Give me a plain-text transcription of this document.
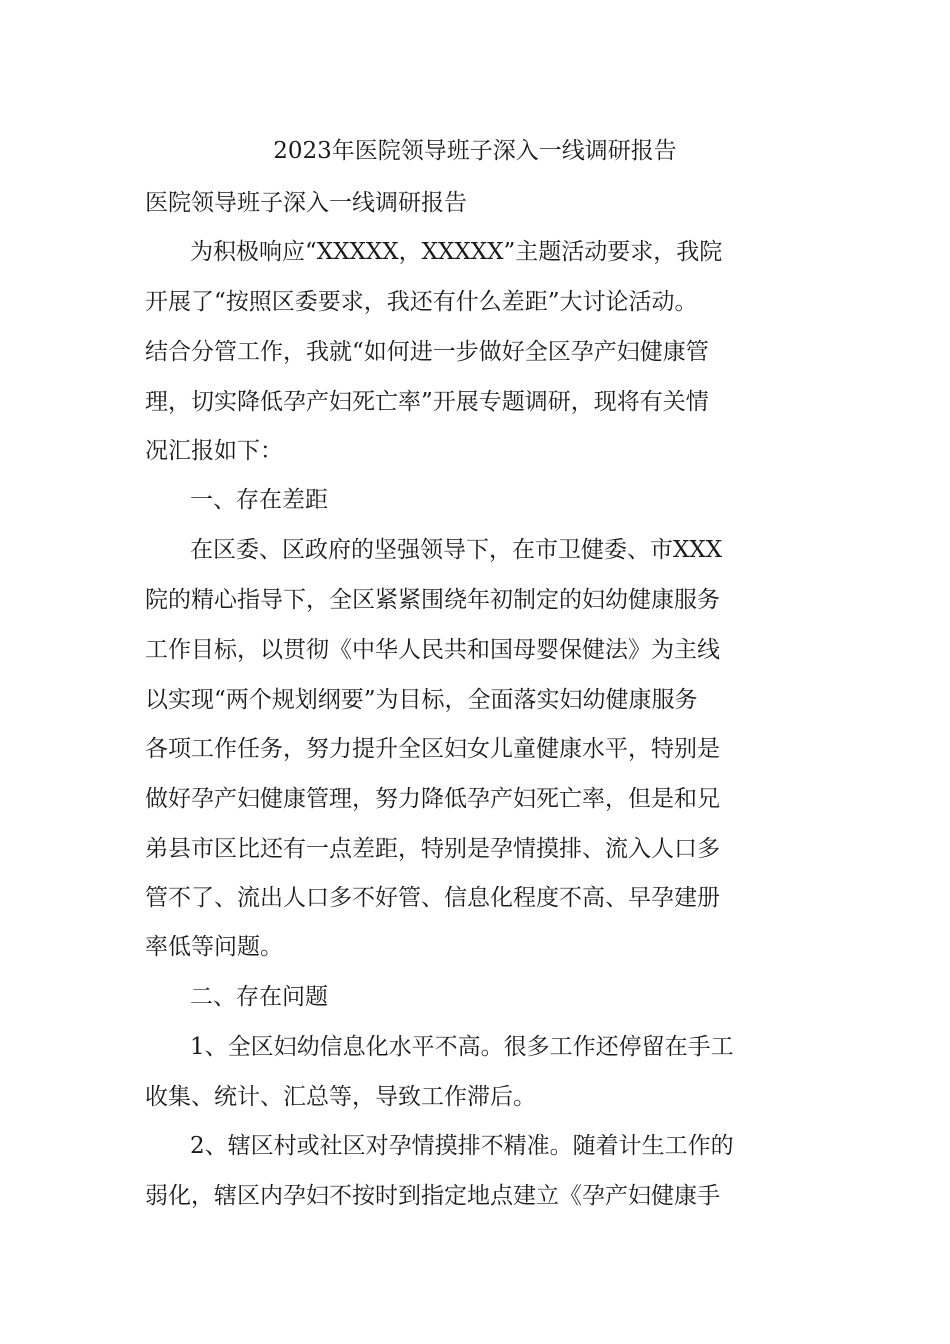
2023年医院领导班子深入一线调研报告

医院领导班子深入一线调研报告

为积极响应“XXXXX，XXXXX”主题活动要求，我院

开展了“按照区委要求，我还有什么差距”大讨论活动。

结合分管工作，我就“如何进一步做好全区孕产妇健康管

理，切实降低孕产妇死亡率”开展专题调研，现将有关情

况汇报如下：

一、存在差距

在区委、区政府的坚强领导下，在市卫健委、市XXX

院的精心指导下，全区紧紧围绕年初制定的妇幼健康服务

工作目标，以贯彻《中华人民共和国母婴保健法》为主线

以实现“两个规划纲要”为目标，全面落实妇幼健康服务

各项工作任务，努力提升全区妇女儿童健康水平，特别是

做好孕产妇健康管理，努力降低孕产妇死亡率，但是和兄

弟县市区比还有一点差距，特别是孕情摸排、流入人口多

管不了、流出人口多不好管、信息化程度不高、早孕建册

率低等问题。

二、存在问题

1、全区妇幼信息化水平不高。很多工作还停留在手工

收集、统计、汇总等，导致工作滞后。

2、辖区村或社区对孕情摸排不精准。随着计生工作的

弱化，辖区内孕妇不按时到指定地点建立《孕产妇健康手
